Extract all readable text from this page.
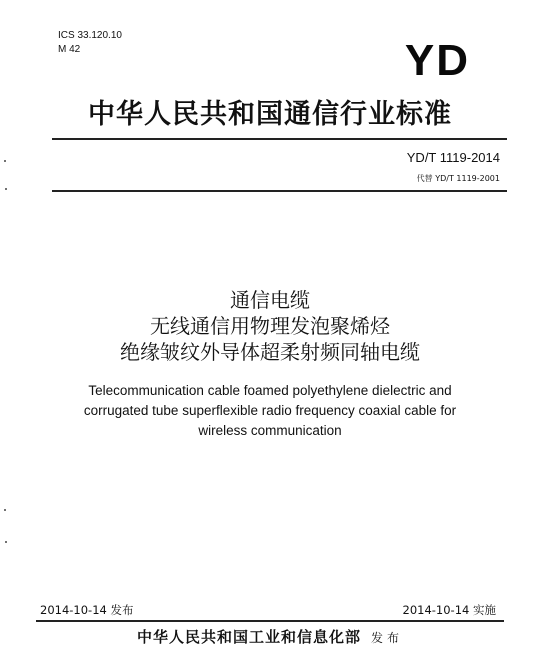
ICS 33.120.10
M 42	YD
中华人民共和国通信行业标准
YD/T 1119-2014
代替 YD/T 1119-2001
通信电缆
无线通信用物理发泡聚烯烃
绝缘皱纹外导体超柔射频同轴电缆
Telecommunication cable foamed polyethylene dielectric and
corrugated tube superflexible radio frequency coaxial cable for
wireless communication
2014-10-14 发布	2014-10-14 实施
中华人民共和国工业和信息化部 发布
